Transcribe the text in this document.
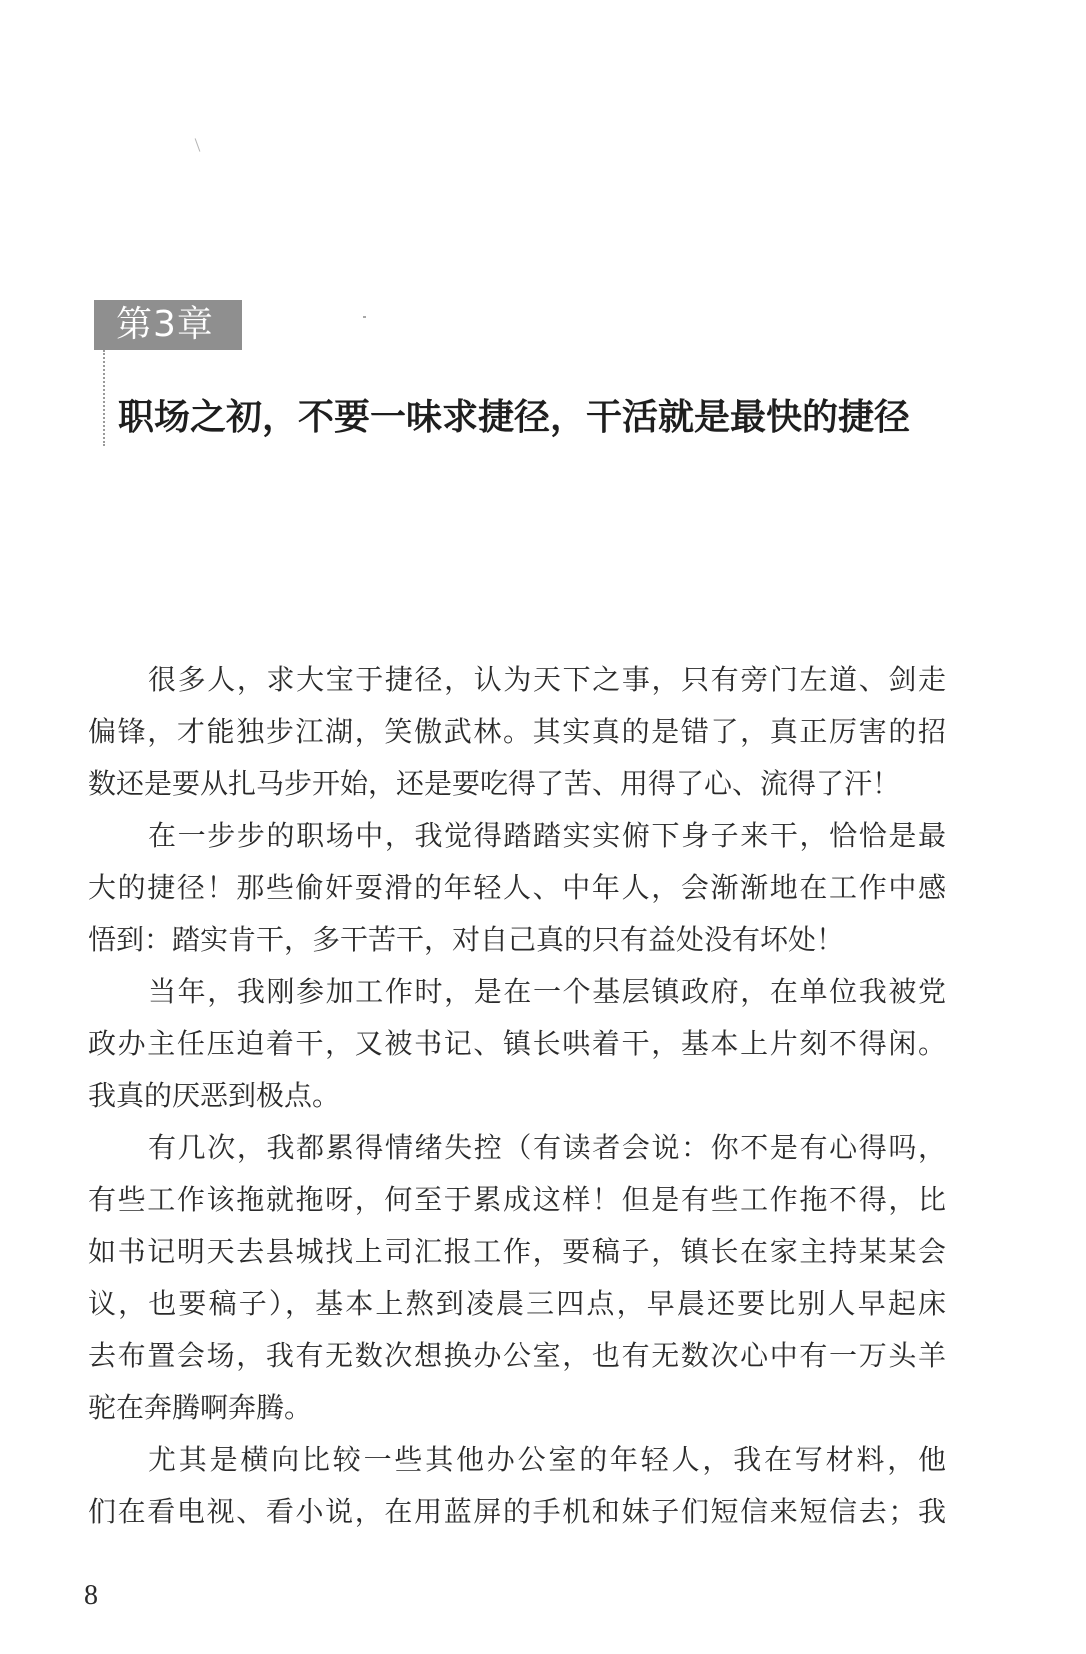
第3章
职场之初，不要一味求捷径，干活就是最快的捷径
很多人，求大宝于捷径，认为天下之事，只有旁门左道、剑走
偏锋，才能独步江湖，笑傲武林。其实真的是错了，真正厉害的招
数还是要从扎马步开始，还是要吃得了苦、用得了心、流得了汗！
在一步步的职场中，我觉得踏踏实实俯下身子来干，恰恰是最
大的捷径！那些偷奸耍滑的年轻人、中年人，会渐渐地在工作中感
悟到：踏实肯干，多干苦干，对自己真的只有益处没有坏处！
当年，我刚参加工作时，是在一个基层镇政府，在单位我被党
政办主任压迫着干，又被书记、镇长哄着干，基本上片刻不得闲。
我真的厌恶到极点。
有几次，我都累得情绪失控（有读者会说：你不是有心得吗，
有些工作该拖就拖呀，何至于累成这样！但是有些工作拖不得，比
如书记明天去县城找上司汇报工作，要稿子，镇长在家主持某某会
议，也要稿子），基本上熬到凌晨三四点，早晨还要比别人早起床
去布置会场，我有无数次想换办公室，也有无数次心中有一万头羊
驼在奔腾啊奔腾。
尤其是横向比较一些其他办公室的年轻人，我在写材料，他
们在看电视、看小说，在用蓝屏的手机和妹子们短信来短信去；我
8
